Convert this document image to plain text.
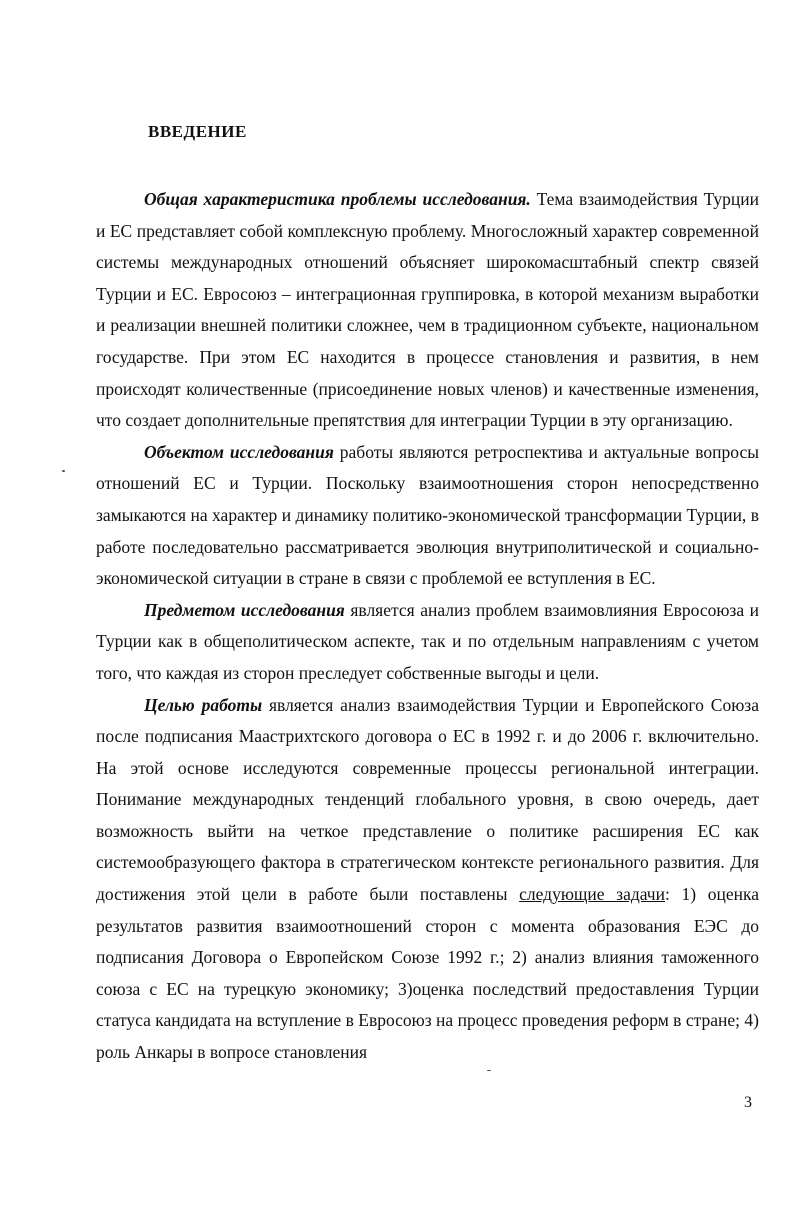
ВВЕДЕНИЕ

Общая характеристика проблемы исследования. Тема взаимодействия Турции и ЕС представляет собой комплексную проблему. Многосложный характер современной системы международных отношений объясняет широкомасштабный спектр связей Турции и ЕС. Евросоюз – интеграционная группировка, в которой механизм выработки и реализации внешней политики сложнее, чем в традиционном субъекте, национальном государстве. При этом ЕС находится в процессе становления и развития, в нем происходят количественные (присоединение новых членов) и качественные изменения, что создает дополнительные препятствия для интеграции Турции в эту организацию.

Объектом исследования работы являются ретроспектива и актуальные вопросы отношений ЕС и Турции. Поскольку взаимоотношения сторон непосредственно замыкаются на характер и динамику политико-экономической трансформации Турции, в работе последовательно рассматривается эволюция внутриполитической и социально-экономической ситуации в стране в связи с проблемой ее вступления в ЕС.

Предметом исследования является анализ проблем взаимовлияния Евросоюза и Турции как в общеполитическом аспекте, так и по отдельным направлениям с учетом того, что каждая из сторон преследует собственные выгоды и цели.

Целью работы является анализ взаимодействия Турции и Европейского Союза после подписания Маастрихтского договора о ЕС в 1992 г. и до 2006 г. включительно. На этой основе исследуются современные процессы региональной интеграции. Понимание международных тенденций глобального уровня, в свою очередь, дает возможность выйти на четкое представление о политике расширения ЕС как системообразующего фактора в стратегическом контексте регионального развития. Для достижения этой цели в работе были поставлены следующие задачи: 1) оценка результатов развития взаимоотношений сторон с момента образования ЕЭС до подписания Договора о Европейском Союзе 1992 г.; 2) анализ влияния таможенного союза с ЕС на турецкую экономику; 3)оценка последствий предоставления Турции статуса кандидата на вступление в Евросоюз на процесс проведения реформ в стране; 4) роль Анкары в вопросе становления

3
